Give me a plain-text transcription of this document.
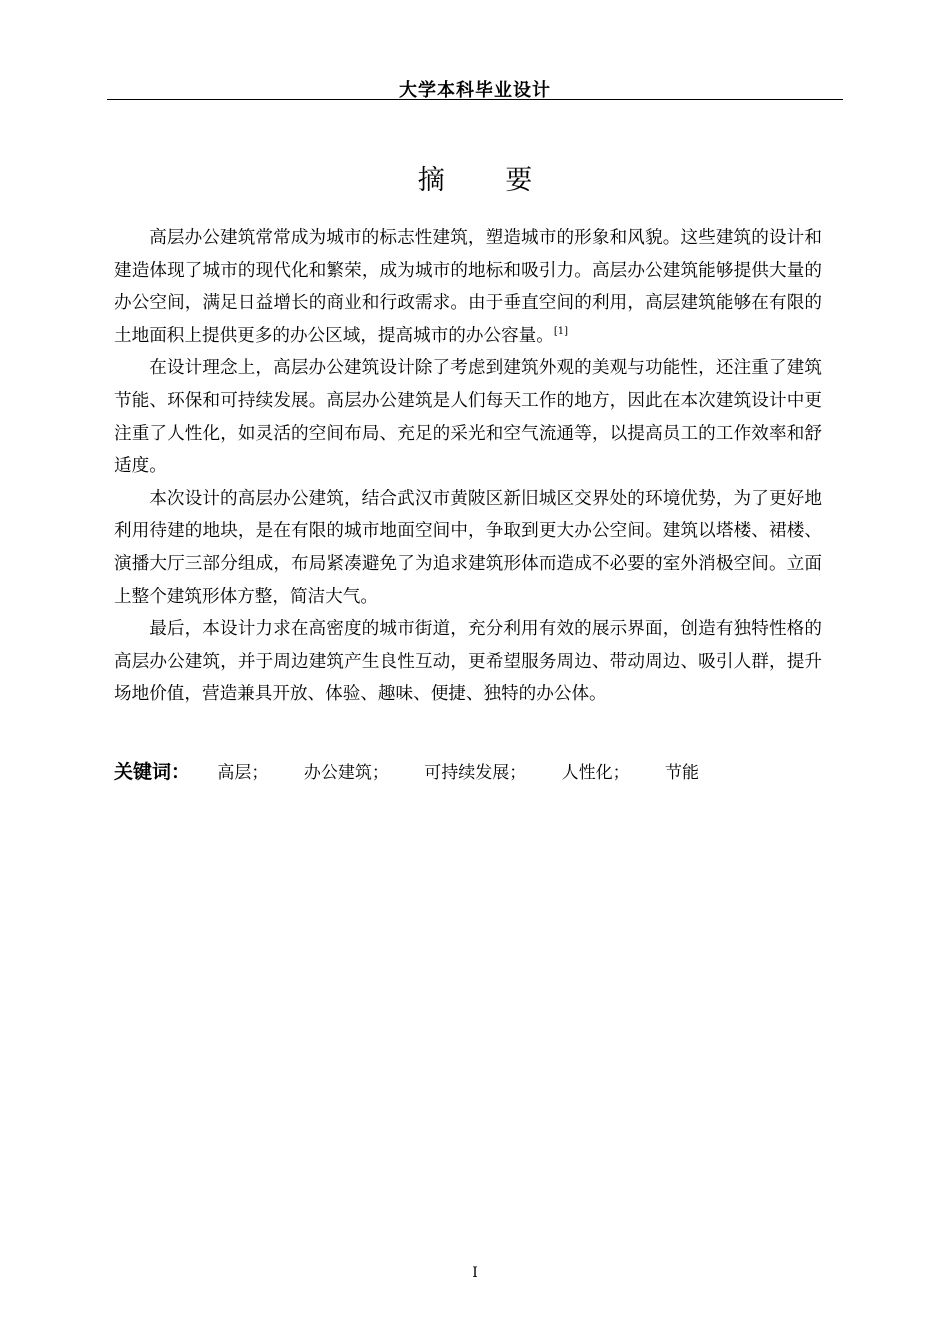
大学本科毕业设计
摘 要

高层办公建筑常常成为城市的标志性建筑，塑造城市的形象和风貌。这些建筑的设计和建造体现了城市的现代化和繁荣，成为城市的地标和吸引力。高层办公建筑能够提供大量的办公空间，满足日益增长的商业和行政需求。由于垂直空间的利用，高层建筑能够在有限的土地面积上提供更多的办公区域，提高城市的办公容量。[1]

在设计理念上，高层办公建筑设计除了考虑到建筑外观的美观与功能性，还注重了建筑节能、环保和可持续发展。高层办公建筑是人们每天工作的地方，因此在本次建筑设计中更注重了人性化，如灵活的空间布局、充足的采光和空气流通等，以提高员工的工作效率和舒适度。

本次设计的高层办公建筑，结合武汉市黄陂区新旧城区交界处的环境优势，为了更好地利用待建的地块，是在有限的城市地面空间中，争取到更大办公空间。建筑以塔楼、裙楼、演播大厅三部分组成，布局紧凑避免了为追求建筑形体而造成不必要的室外消极空间。立面上整个建筑形体方整，简洁大气。

最后，本设计力求在高密度的城市街道，充分利用有效的展示界面，创造有独特性格的高层办公建筑，并于周边建筑产生良性互动，更希望服务周边、带动周边、吸引人群，提升场地价值，营造兼具开放、体验、趣味、便捷、独特的办公体。

关键词： 高层； 办公建筑； 可持续发展； 人性化； 节能
I
